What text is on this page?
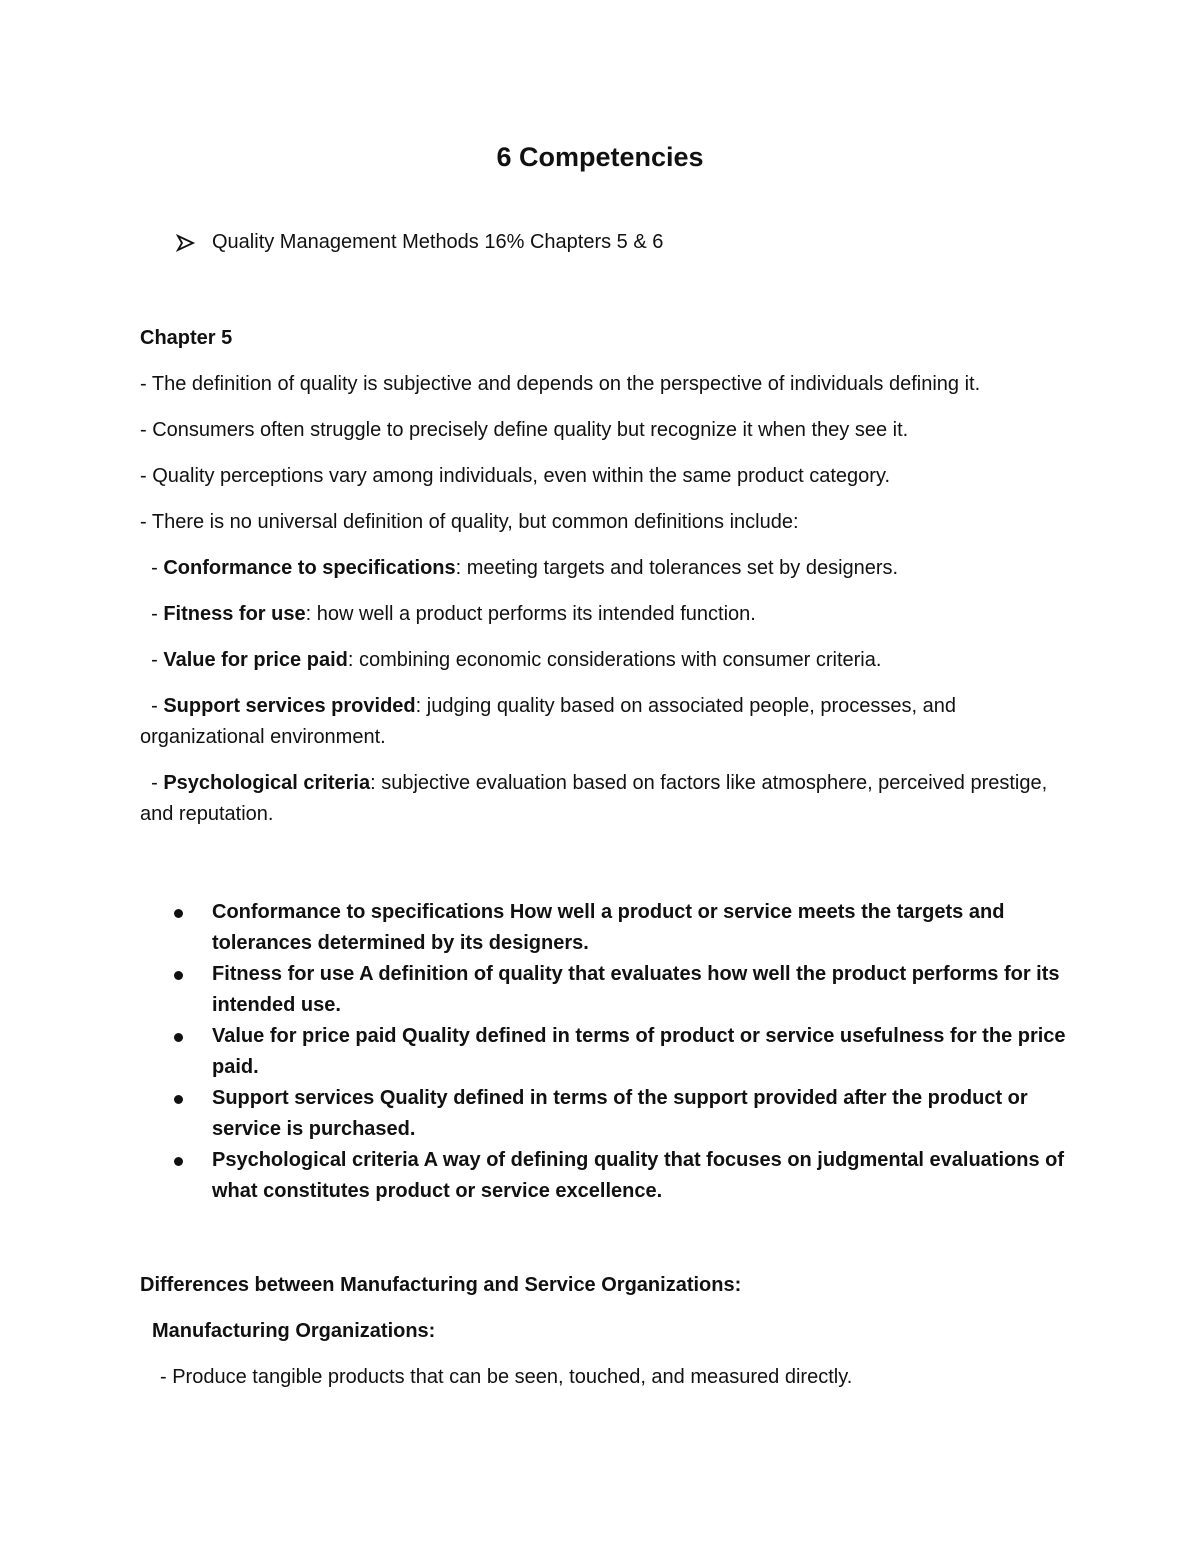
6 Competencies
Quality Management Methods 16% Chapters 5 & 6

Chapter 5

- The definition of quality is subjective and depends on the perspective of individuals defining it.

- Consumers often struggle to precisely define quality but recognize it when they see it.

- Quality perceptions vary among individuals, even within the same product category.

- There is no universal definition of quality, but common definitions include:

- Conformance to specifications: meeting targets and tolerances set by designers.

- Fitness for use: how well a product performs its intended function.

- Value for price paid: combining economic considerations with consumer criteria.

- Support services provided: judging quality based on associated people, processes, and organizational environment.

- Psychological criteria: subjective evaluation based on factors like atmosphere, perceived prestige, and reputation.

Conformance to specifications How well a product or service meets the targets and tolerances determined by its designers.
Fitness for use A definition of quality that evaluates how well the product performs for its intended use.
Value for price paid Quality defined in terms of product or service usefulness for the price paid.
Support services Quality defined in terms of the support provided after the product or service is purchased.
Psychological criteria A way of defining quality that focuses on judgmental evaluations of what constitutes product or service excellence.

Differences between Manufacturing and Service Organizations:

Manufacturing Organizations:

- Produce tangible products that can be seen, touched, and measured directly.
